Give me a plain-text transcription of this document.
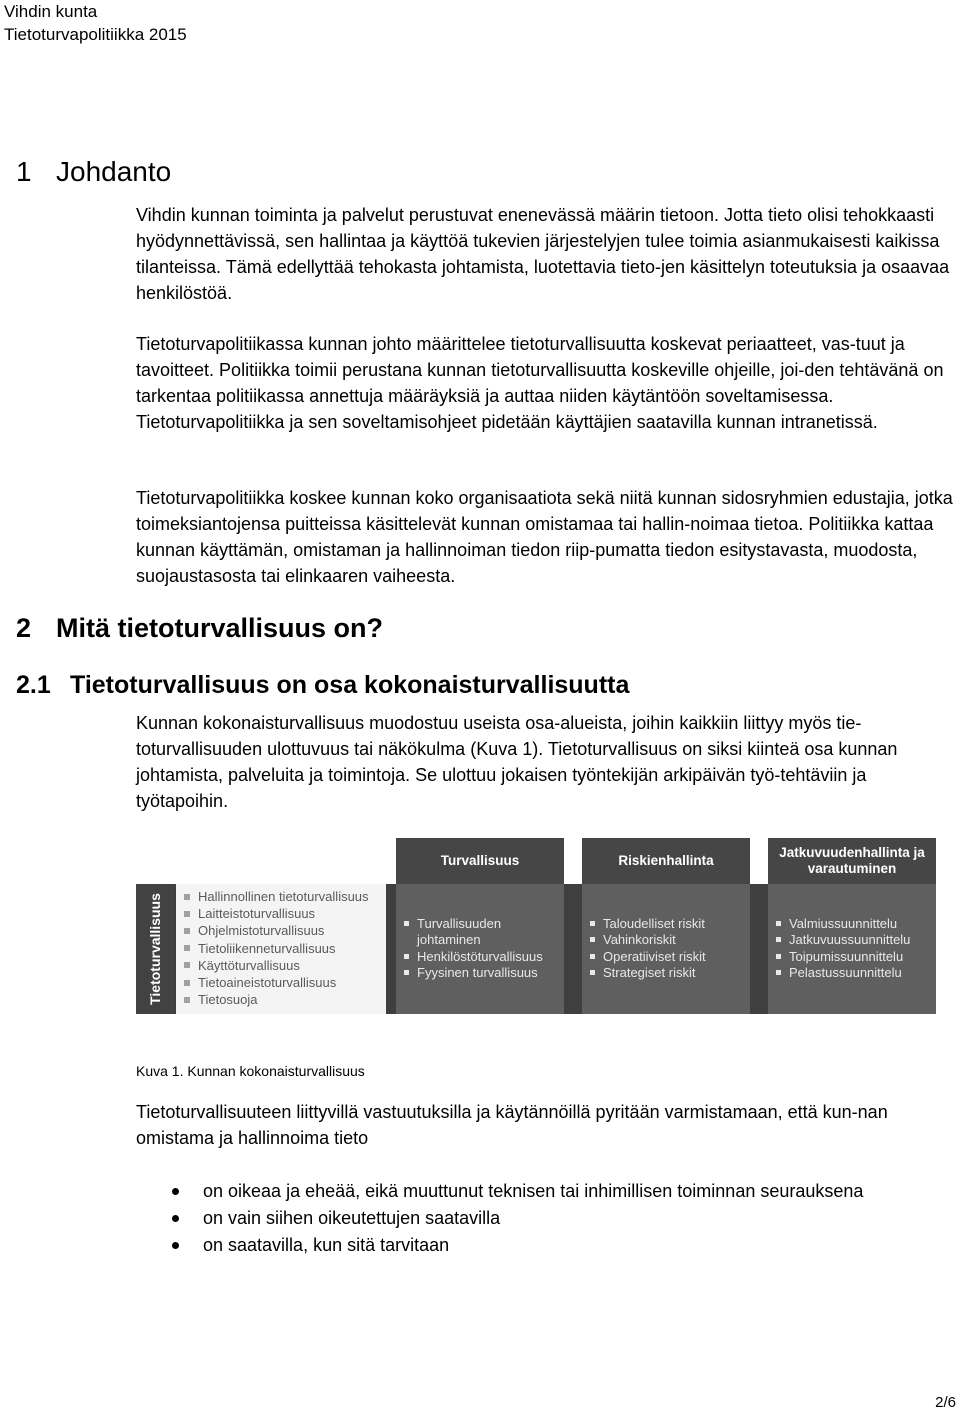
Vihdin kunta
Tietoturvapolitiikka 2015
1 Johdanto

Vihdin kunnan toiminta ja palvelut perustuvat enenevässä määrin tietoon. Jotta tieto olisi tehokkaasti hyödynnettävissä, sen hallintaa ja käyttöä tukevien järjestelyjen tulee toimia asianmukaisesti kaikissa tilanteissa. Tämä edellyttää tehokasta johtamista, luotettavia tieto-jen käsittelyn toteutuksia ja osaavaa henkilöstöä.

Tietoturvapolitiikassa kunnan johto määrittelee tietoturvallisuutta koskevat periaatteet, vas-tuut ja tavoitteet. Politiikka toimii perustana kunnan tietoturvallisuutta koskeville ohjeille, joi-den tehtävänä on tarkentaa politiikassa annettuja määräyksiä ja auttaa niiden käytäntöön soveltamisessa. Tietoturvapolitiikka ja sen soveltamisohjeet pidetään käyttäjien saatavilla kunnan intranetissä.

Tietoturvapolitiikka koskee kunnan koko organisaatiota sekä niitä kunnan sidosryhmien edustajia, jotka toimeksiantojensa puitteissa käsittelevät kunnan omistamaa tai hallin-noimaa tietoa. Politiikka kattaa kunnan käyttämän, omistaman ja hallinnoiman tiedon riip-pumatta tiedon esitystavasta, muodosta, suojaustasosta tai elinkaaren vaiheesta.

2 Mitä tietoturvallisuus on?
2.1 Tietoturvallisuus on osa kokonaisturvallisuutta

Kunnan kokonaisturvallisuus muodostuu useista osa-alueista, joihin kaikkiin liittyy myös tie-toturvallisuuden ulottuvuus tai näkökulma (Kuva 1). Tietoturvallisuus on siksi kiinteä osa kunnan johtamista, palveluita ja toimintoja. Se ulottuu jokaisen työntekijän arkipäivän työ-tehtäviin ja työtapoihin.

Tietoturvallisuus	Hallinnollinen tietoturvallisuus
Laitteistoturvallisuus
Ohjelmistoturvallisuus
Tietoliikenneturvallisuus
Käyttöturvallisuus
Tietoaineistoturvallisuus
Tietosuoja
Turvallisuus
Turvallisuuden
johtaminen
Henkilöstöturvallisuus
Fyysinen turvallisuus
Riskienhallinta
Taloudelliset riskit
Vahinkoriskit
Operatiiviset riskit
Strategiset riskit
Jatkuvuudenhallinta ja varautuminen
Valmiussuunnittelu
Jatkuvuussuunnittelu
Toipumissuunnittelu
Pelastussuunnittelu
Kuva 1. Kunnan kokonaisturvallisuus

Tietoturvallisuuteen liittyvillä vastuutuksilla ja käytännöillä pyritään varmistamaan, että kun-nan omistama ja hallinnoima tieto

on oikeaa ja eheää, eikä muuttunut teknisen tai inhimillisen toiminnan seurauksena
on vain siihen oikeutettujen saatavilla
on saatavilla, kun sitä tarvitaan
2/6
